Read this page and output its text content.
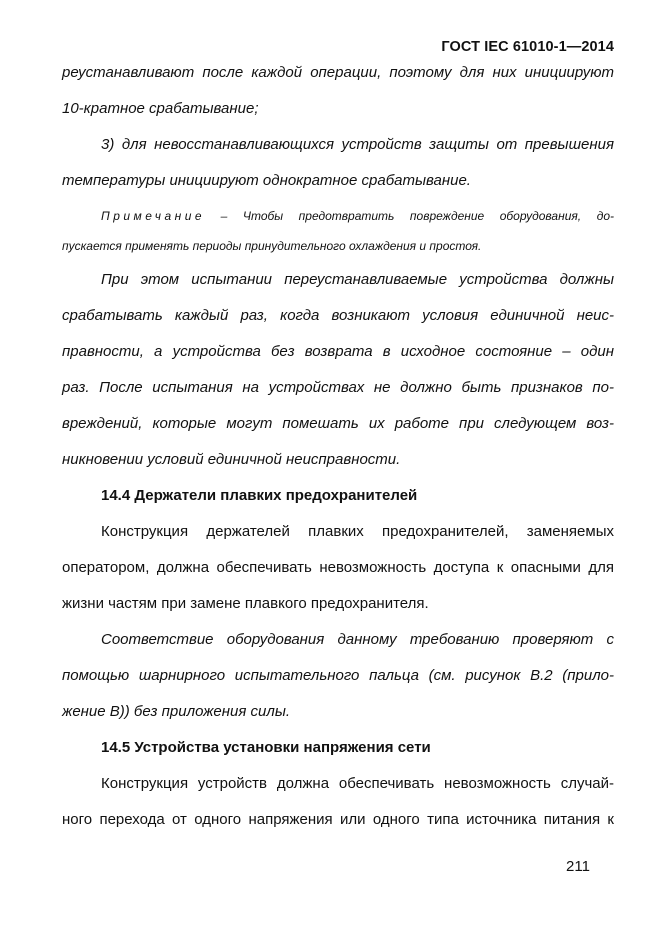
ГОСТ IEC 61010-1—2014
реустанавливают после каждой операции, поэтому для них инициируют
10-кратное срабатывание;
3) для невосстанавливающихся устройств защиты от превышения
температуры инициируют однократное срабатывание.
Примечание – Чтобы предотвратить повреждение оборудования, до-
пускается применять периоды принудительного охлаждения и простоя.
При этом испытании переустанавливаемые устройства должны
срабатывать каждый раз, когда возникают условия единичной неис-
правности, а устройства без возврата в исходное состояние – один
раз. После испытания на устройствах не должно быть признаков по-
вреждений, которые могут помешать их работе при следующем воз-
никновении условий единичной неисправности.
14.4 Держатели плавких предохранителей
Конструкция держателей плавких предохранителей, заменяемых
оператором, должна обеспечивать невозможность доступа к опасными для
жизни частям при замене плавкого предохранителя.
Соответствие оборудования данному требованию проверяют с
помощью шарнирного испытательного пальца (см. рисунок В.2 (прило-
жение В)) без приложения силы.
14.5 Устройства установки напряжения сети
Конструкция устройств должна обеспечивать невозможность случай-
ного перехода от одного напряжения или одного типа источника питания к
211
